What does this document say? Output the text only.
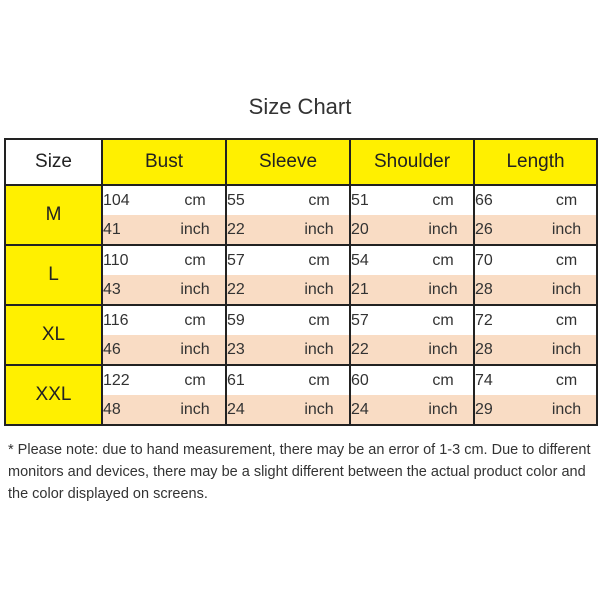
Size Chart
Size	Bust		Sleeve		Shoulder		Length	
M	104	cm	55	cm	51	cm	66	cm
	41	inch	22	inch	20	inch	26	inch
L	110	cm	57	cm	54	cm	70	cm
	43	inch	22	inch	21	inch	28	inch
XL	116	cm	59	cm	57	cm	72	cm
	46	inch	23	inch	22	inch	28	inch
XXL	122	cm	61	cm	60	cm	74	cm
	48	inch	24	inch	24	inch	29	inch
* Please note: due to hand measurement, there may be an error of 1-3 cm. Due to different monitors and devices, there may be a slight different between the actual product color and the color displayed on screens.
